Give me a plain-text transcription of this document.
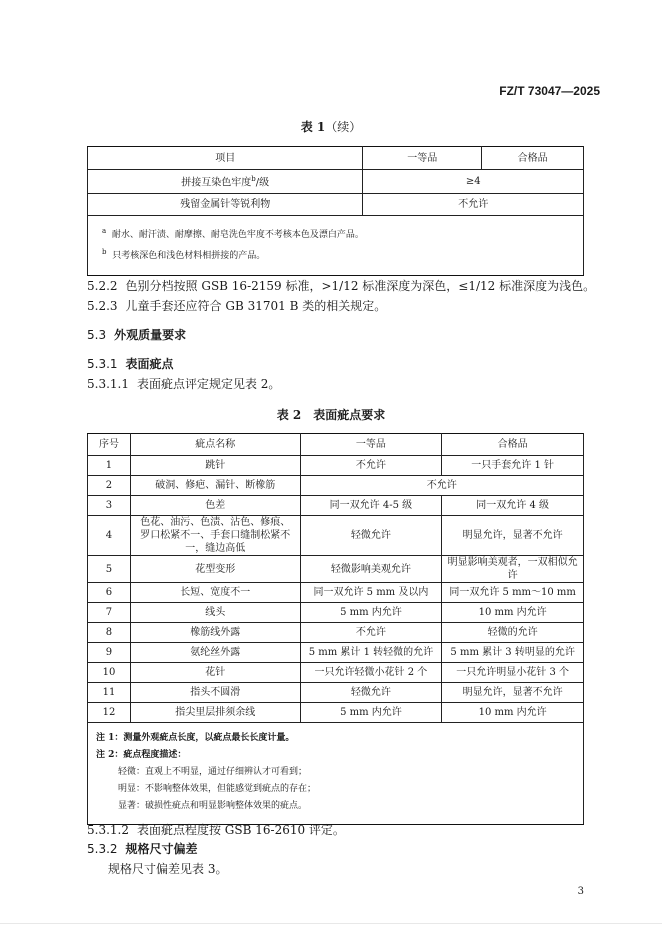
FZ/T 73047—2025
表 1（续）
项目	一等品	合格品
拼接互染色牢度$^b$/级	≥4	
残留金属针等锐利物	不允许	

$^a$ 耐水、耐汗渍、耐摩擦、耐皂洗色牢度不考核本色及漂白产品。
$^b$ 只考核深色和浅色材料相拼接的产品。		
5.2.2 色别分档按照 GSB 16-2159 标准，>1/12 标准深度为深色，≤1/12 标准深度为浅色。
5.2.3 儿童手套还应符合 GB 31701 B 类的相关规定。
5.3 外观质量要求
5.3.1 表面疵点
5.3.1.1 表面疵点评定规定见表 2。
表 2　表面疵点要求
序号	疵点名称	一等品	合格品
1	跳针	不允许	一只手套允许 1 针
2	破洞、修疤、漏针、断橡筋	不允许	
3	色差	同一双允许 4-5 级	同一双允许 4 级
4	色花、油污、色渍、沾色、修痕、罗口松紧不一、手套口缝制松紧不一，缝边高低	轻微允许	明显允许，显著不允许
5	花型变形	轻微影响美观允许	明显影响美观者，一双相似允许
6	长短、宽度不一	同一双允许 5 mm 及以内	同一双允许 5 mm～10 mm
7	线头	5 mm 内允许	10 mm 内允许
8	橡筋线外露	不允许	轻微的允许
9	氨纶丝外露	5 mm 累计 1 转轻微的允许	5 mm 累计 3 转明显的允许
10	花针	一只允许轻微小花针 2 个	一只允许明显小花针 3 个
11	指头不圆滑	轻微允许	明显允许，显著不允许
12	指尖里层排须余线	5 mm 内允许	10 mm 内允许

注 1：测量外观疵点长度，以疵点最长长度计量。
注 2：疵点程度描述：
轻微：直观上不明显，通过仔细辨认才可看到；
明显：不影响整体效果，但能感觉到疵点的存在；
显著：破损性疵点和明显影响整体效果的疵点。			
5.3.1.2 表面疵点程度按 GSB 16-2610 评定。
5.3.2 规格尺寸偏差
规格尺寸偏差见表 3。
3
